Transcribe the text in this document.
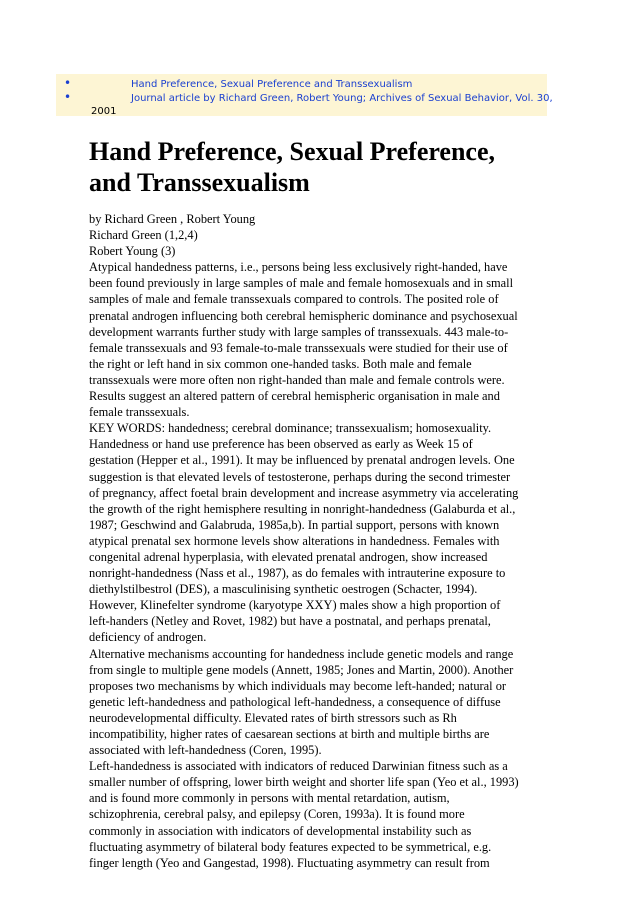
•	Hand Preference, Sexual Preference and Transsexualism
•	Journal article by Richard Green, Robert Young; Archives of Sexual Behavior, Vol. 30,
2001
Hand Preference, Sexual Preference,
and Transsexualism
by Richard Green , Robert Young
Richard Green (1,2,4)
Robert Young (3)
Atypical handedness patterns, i.e., persons being less exclusively right-handed, have
been found previously in large samples of male and female homosexuals and in small
samples of male and female transsexuals compared to controls. The posited role of
prenatal androgen influencing both cerebral hemispheric dominance and psychosexual
development warrants further study with large samples of transsexuals. 443 male-to-
female transsexuals and 93 female-to-male transsexuals were studied for their use of
the right or left hand in six common one-handed tasks. Both male and female
transsexuals were more often non right-handed than male and female controls were.
Results suggest an altered pattern of cerebral hemispheric organisation in male and
female transsexuals.
KEY WORDS: handedness; cerebral dominance; transsexualism; homosexuality.
Handedness or hand use preference has been observed as early as Week 15 of
gestation (Hepper et al., 1991). It may be influenced by prenatal androgen levels. One
suggestion is that elevated levels of testosterone, perhaps during the second trimester
of pregnancy, affect foetal brain development and increase asymmetry via accelerating
the growth of the right hemisphere resulting in nonright-handedness (Galaburda et al.,
1987; Geschwind and Galabruda, 1985a,b). In partial support, persons with known
atypical prenatal sex hormone levels show alterations in handedness. Females with
congenital adrenal hyperplasia, with elevated prenatal androgen, show increased
nonright-handedness (Nass et al., 1987), as do females with intrauterine exposure to
diethylstilbestrol (DES), a masculinising synthetic oestrogen (Schacter, 1994).
However, Klinefelter syndrome (karyotype XXY) males show a high proportion of
left-handers (Netley and Rovet, 1982) but have a postnatal, and perhaps prenatal,
deficiency of androgen.
Alternative mechanisms accounting for handedness include genetic models and range
from single to multiple gene models (Annett, 1985; Jones and Martin, 2000). Another
proposes two mechanisms by which individuals may become left-handed; natural or
genetic left-handedness and pathological left-handedness, a consequence of diffuse
neurodevelopmental difficulty. Elevated rates of birth stressors such as Rh
incompatibility, higher rates of caesarean sections at birth and multiple births are
associated with left-handedness (Coren, 1995).
Left-handedness is associated with indicators of reduced Darwinian fitness such as a
smaller number of offspring, lower birth weight and shorter life span (Yeo et al., 1993)
and is found more commonly in persons with mental retardation, autism,
schizophrenia, cerebral palsy, and epilepsy (Coren, 1993a). It is found more
commonly in association with indicators of developmental instability such as
fluctuating asymmetry of bilateral body features expected to be symmetrical, e.g.
finger length (Yeo and Gangestad, 1998). Fluctuating asymmetry can result from
